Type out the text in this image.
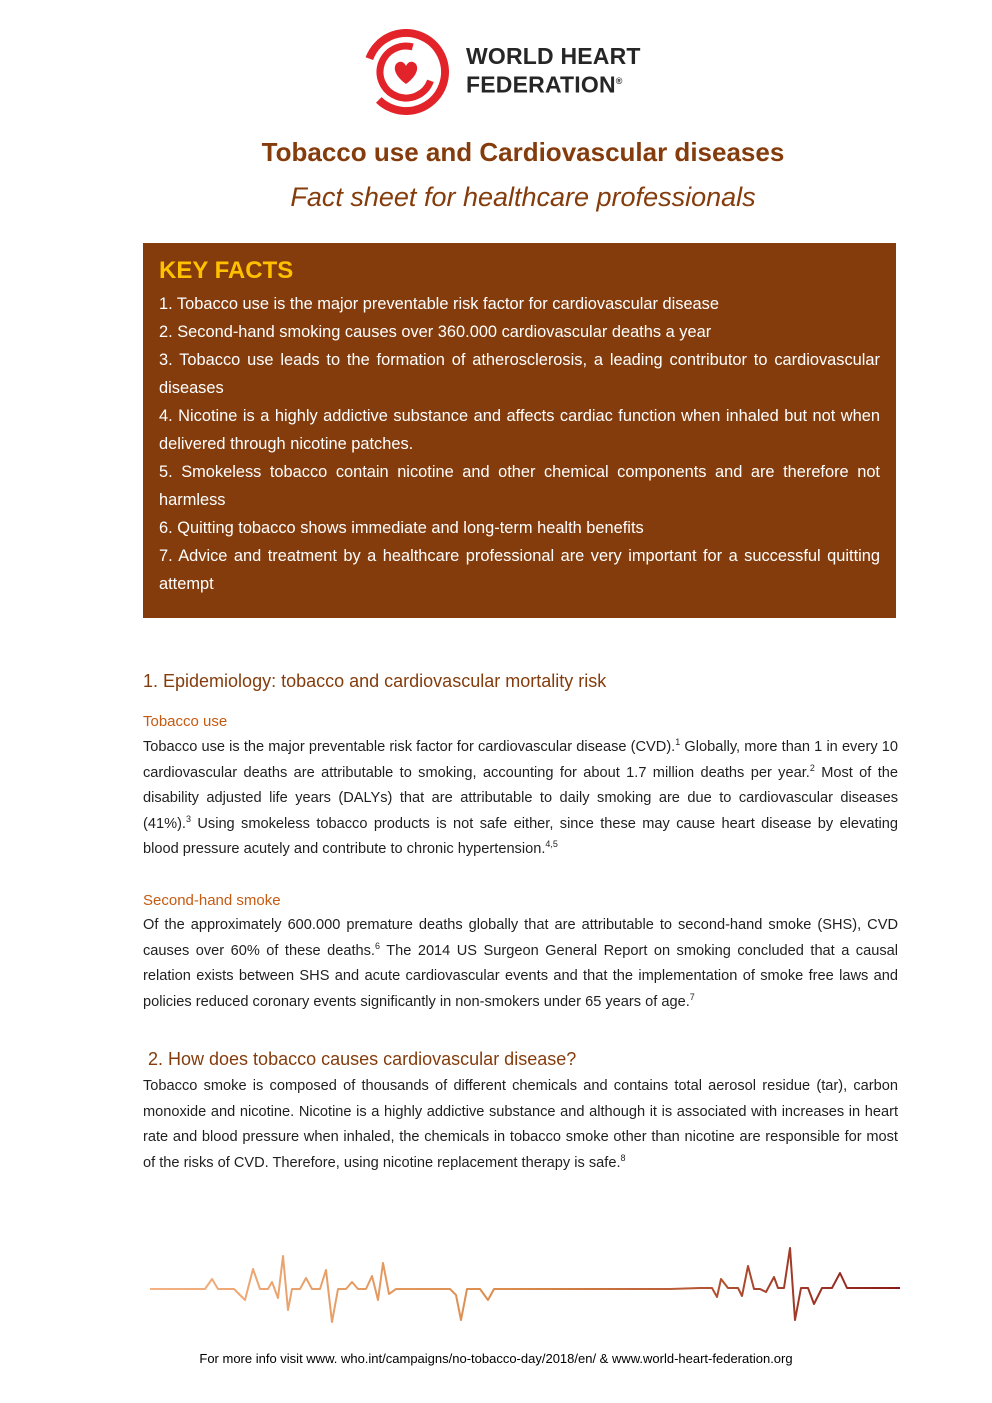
WORLD HEART
FEDERATION®
Tobacco use and Cardiovascular diseases
Fact sheet for healthcare professionals
KEY FACTS
1. Tobacco use is the major preventable risk factor for cardiovascular disease
2. Second-hand smoking causes over 360.000 cardiovascular deaths a year
3. Tobacco use leads to the formation of atherosclerosis, a leading contributor to cardiovascular diseases
4. Nicotine is a highly addictive substance and affects cardiac function when inhaled but not when delivered through nicotine patches.
5. Smokeless tobacco contain nicotine and other chemical components and are therefore not harmless
6. Quitting tobacco shows immediate and long-term health benefits
7. Advice and treatment by a healthcare professional are very important for a successful quitting attempt
1. Epidemiology: tobacco and cardiovascular mortality risk
Tobacco use
Tobacco use is the major preventable risk factor for cardiovascular disease (CVD).$^1$ Globally, more than 1 in every 10 cardiovascular deaths are attributable to smoking, accounting for about 1.7 million deaths per year.$^2$ Most of the disability adjusted life years (DALYs) that are attributable to daily smoking are due to cardiovascular diseases (41%).$^3$ Using smokeless tobacco products is not safe either, since these may cause heart disease by elevating blood pressure acutely and contribute to chronic hypertension.$^{4,5}$
Second-hand smoke
Of the approximately 600.000 premature deaths globally that are attributable to second-hand smoke (SHS), CVD causes over 60% of these deaths.$^6$ The 2014 US Surgeon General Report on smoking concluded that a causal relation exists between SHS and acute cardiovascular events and that the implementation of smoke free laws and policies reduced coronary events significantly in non-smokers under 65 years of age.$^7$
2. How does tobacco causes cardiovascular disease?
Tobacco smoke is composed of thousands of different chemicals and contains total aerosol residue (tar), carbon monoxide and nicotine. Nicotine is a highly addictive substance and although it is associated with increases in heart rate and blood pressure when inhaled, the chemicals in tobacco smoke other than nicotine are responsible for most of the risks of CVD. Therefore, using nicotine replacement therapy is safe.$^8$
For more info visit www. who.int/campaigns/no-tobacco-day/2018/en/ & www.world-heart-federation.org
